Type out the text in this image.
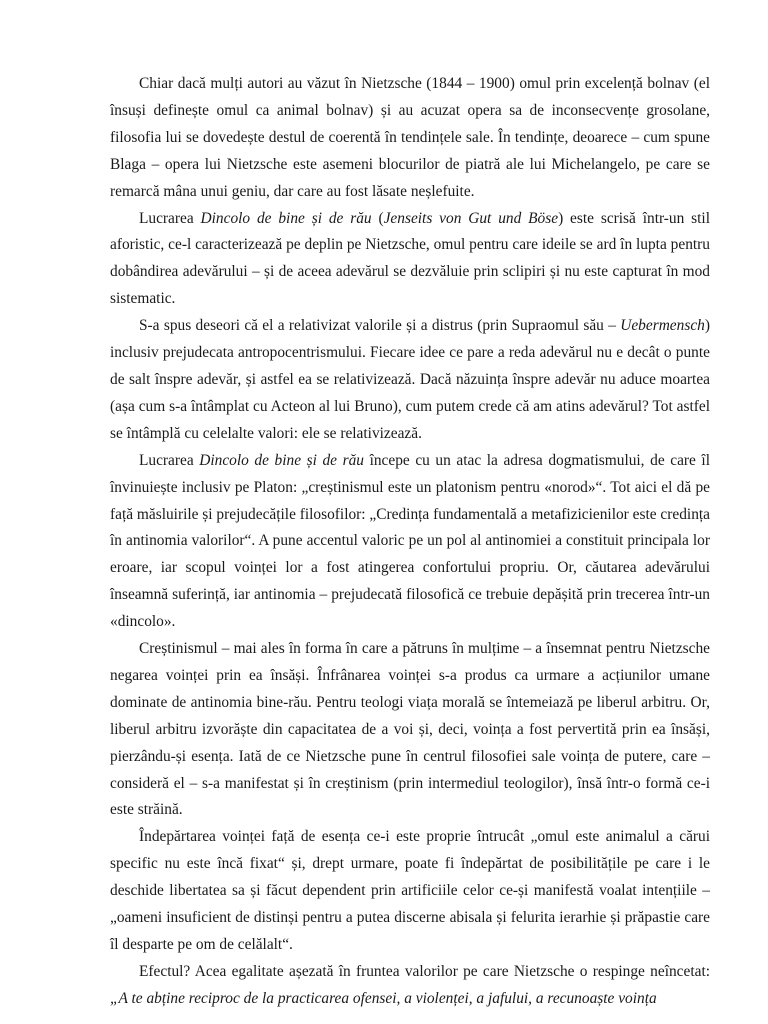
Chiar dacă mulți autori au văzut în Nietzsche (1844 – 1900) omul prin excelență bolnav (el însuși definește omul ca animal bolnav) și au acuzat opera sa de inconsecvențe grosolane, filosofia lui se dovedește destul de coerentă în tendințele sale. În tendințe, deoarece – cum spune Blaga – opera lui Nietzsche este asemeni blocurilor de piatră ale lui Michelangelo, pe care se remarcă mâna unui geniu, dar care au fost lăsate neșlefuite.

Lucrarea Dincolo de bine și de rău (Jenseits von Gut und Böse) este scrisă într-un stil aforistic, ce-l caracterizează pe deplin pe Nietzsche, omul pentru care ideile se ard în lupta pentru dobândirea adevărului – și de aceea adevărul se dezvăluie prin sclipiri și nu este capturat în mod sistematic.

S-a spus deseori că el a relativizat valorile și a distrus (prin Supraomul său – Uebermensch) inclusiv prejudecata antropocentrismului. Fiecare idee ce pare a reda adevărul nu e decât o punte de salt înspre adevăr, și astfel ea se relativizează. Dacă năzuința înspre adevăr nu aduce moartea (așa cum s-a întâmplat cu Acteon al lui Bruno), cum putem crede că am atins adevărul? Tot astfel se întâmplă cu celelalte valori: ele se relativizează.

Lucrarea Dincolo de bine și de rău începe cu un atac la adresa dogmatismului, de care îl învinuiește inclusiv pe Platon: „creștinismul este un platonism pentru «norod»“. Tot aici el dă pe față măsluirile și prejudecățile filosofilor: „Credința fundamentală a metafizicienilor este credința în antinomia valorilor“. A pune accentul valoric pe un pol al antinomiei a constituit principala lor eroare, iar scopul voinței lor a fost atingerea confortului propriu. Or, căutarea adevărului înseamnă suferință, iar antinomia – prejudecată filosofică ce trebuie depășită prin trecerea într-un «dincolo».

Creștinismul – mai ales în forma în care a pătruns în mulțime – a însemnat pentru Nietzsche negarea voinței prin ea însăși. Înfrânarea voinței s-a produs ca urmare a acțiunilor umane dominate de antinomia bine-rău. Pentru teologi viața morală se întemeiază pe liberul arbitru. Or, liberul arbitru izvorăște din capacitatea de a voi și, deci, voința a fost pervertită prin ea însăși, pierzându-și esența. Iată de ce Nietzsche pune în centrul filosofiei sale voința de putere, care – consideră el – s-a manifestat și în creștinism (prin intermediul teologilor), însă într-o formă ce-i este străină.

Îndepărtarea voinței față de esența ce-i este proprie întrucât „omul este animalul a cărui specific nu este încă fixat“ și, drept urmare, poate fi îndepărtat de posibilitățile pe care i le deschide libertatea sa și făcut dependent prin artificiile celor ce-și manifestă voalat intențiile – „oameni insuficient de distinși pentru a putea discerne abisala și felurita ierarhie și prăpastie care îl desparte pe om de celălalt“.

Efectul? Acea egalitate așezată în fruntea valorilor pe care Nietzsche o respinge neîncetat: „A te abține reciproc de la practicarea ofensei, a violenței, a jafului, a recunoaște voința
